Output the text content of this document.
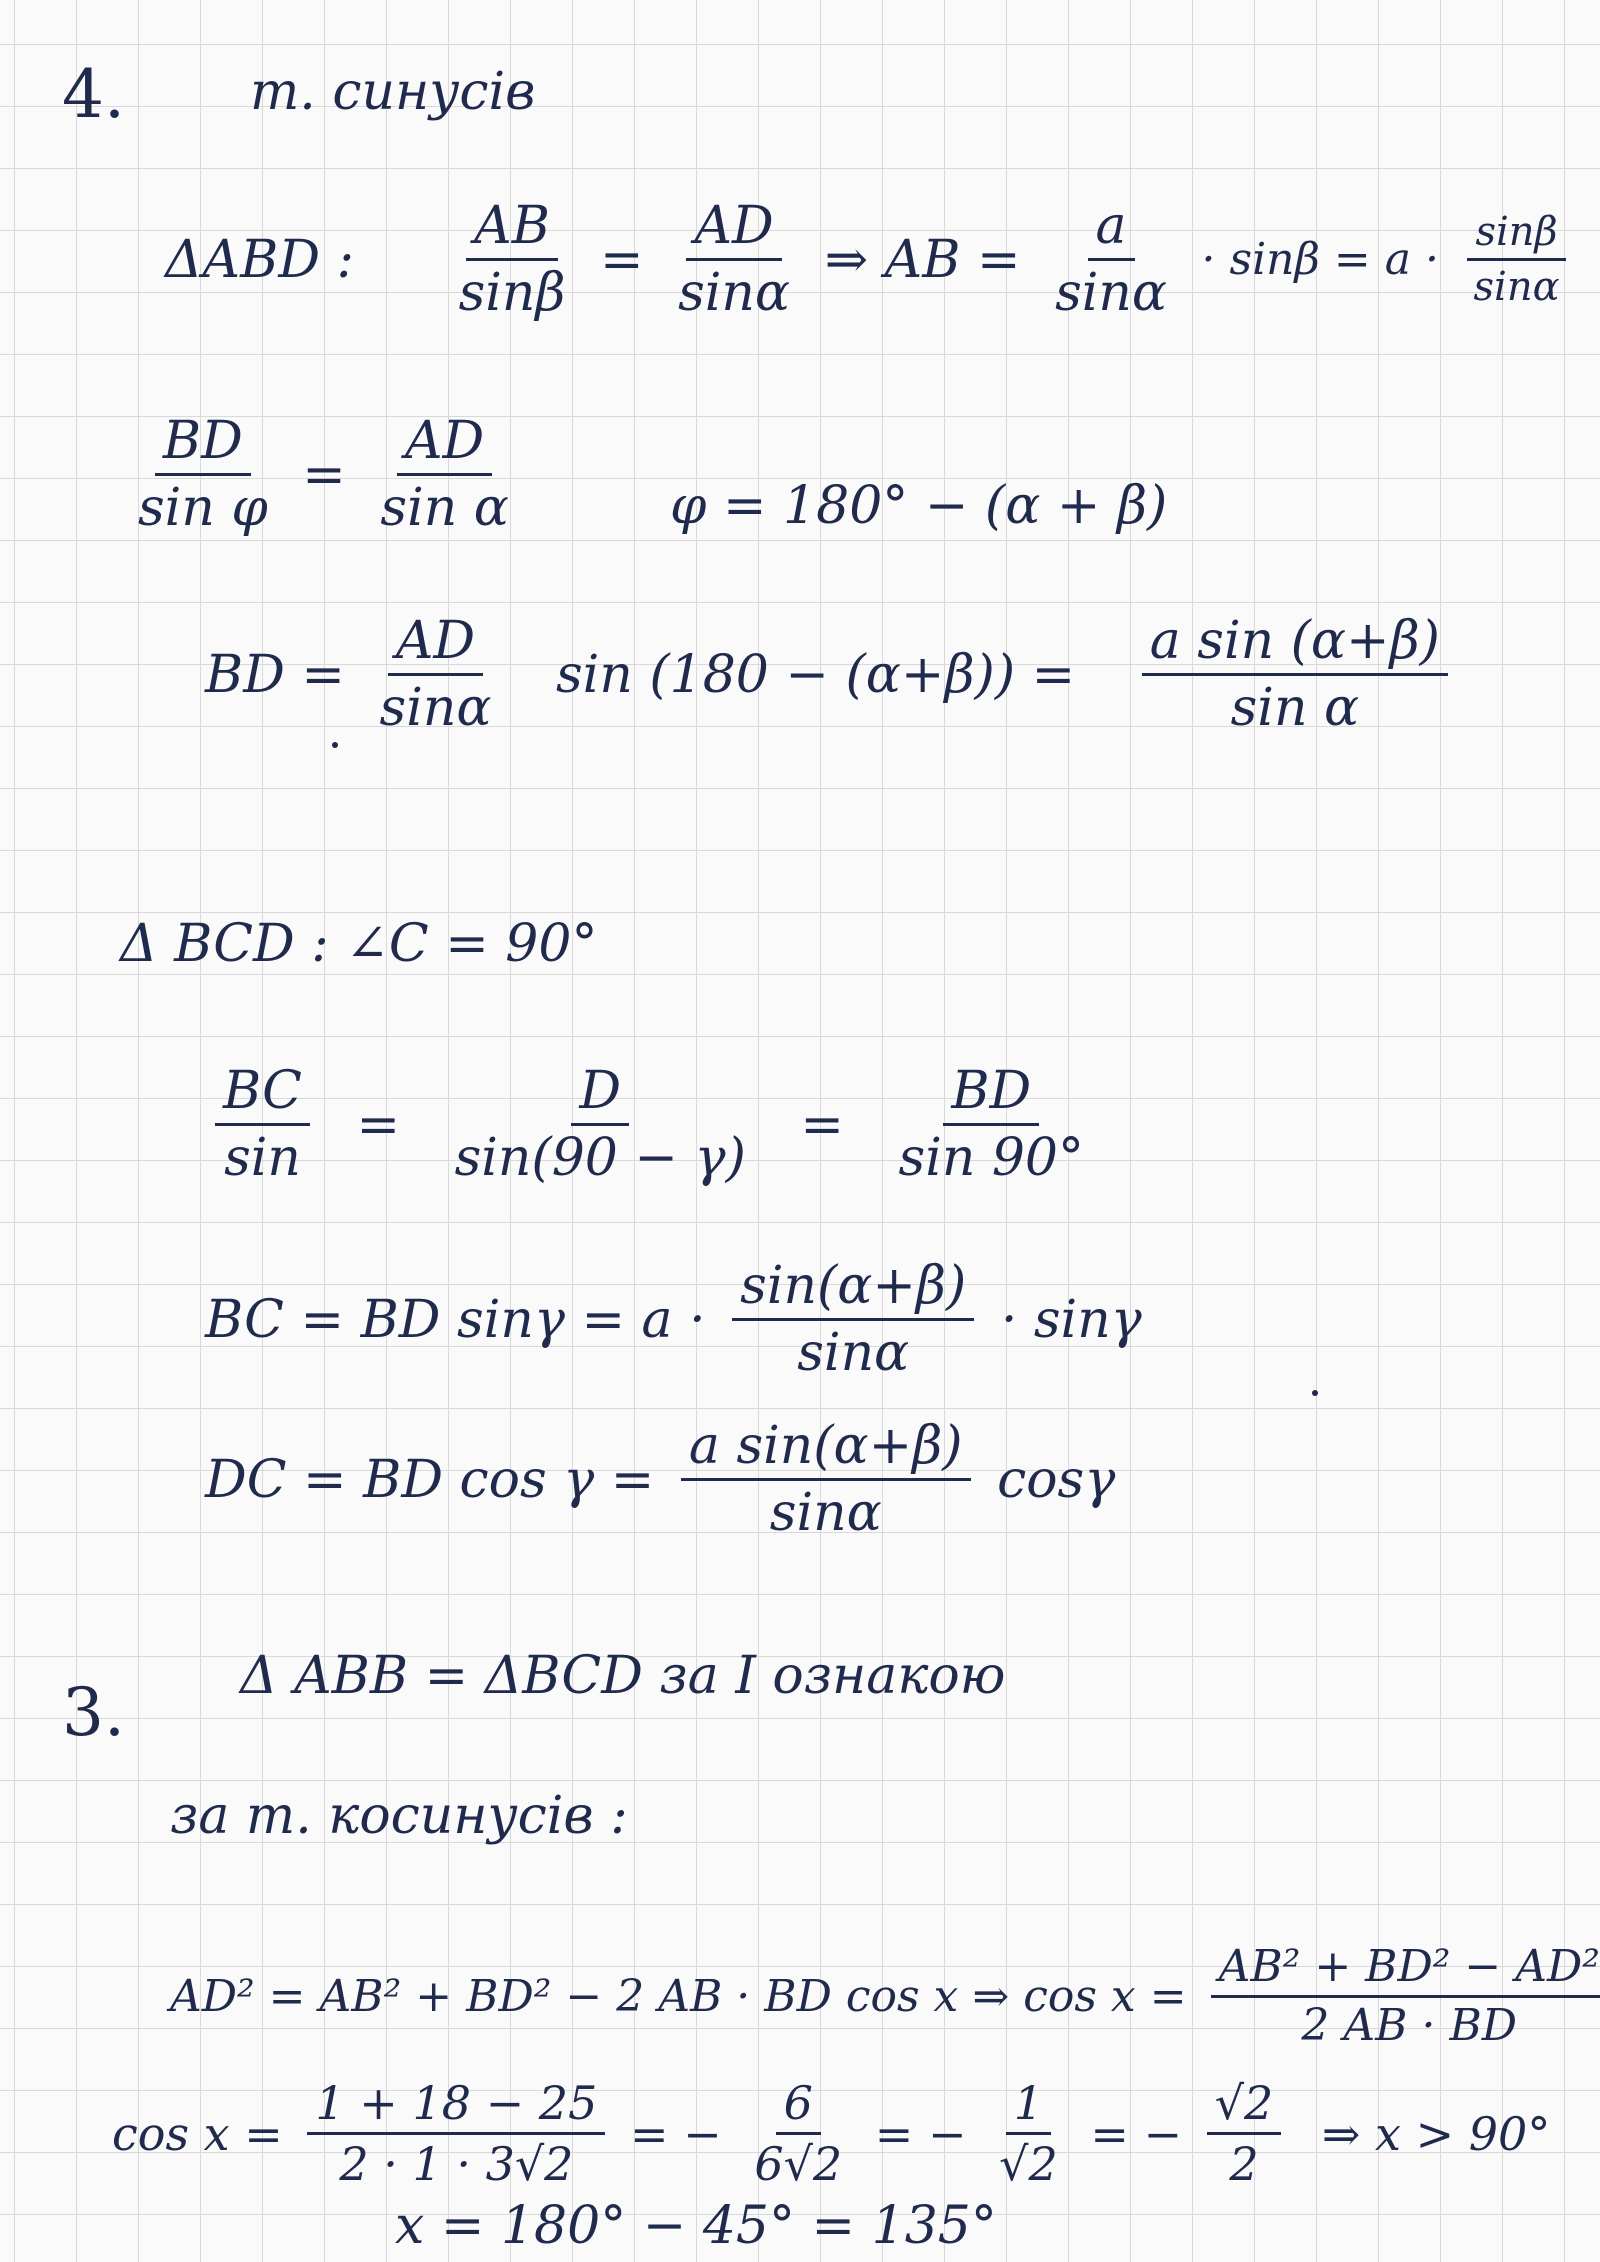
4. т. синусів
ΔABD : $\frac{AB}{\sin\beta} = \frac{AD}{\sin\alpha}$ ⇒ AB = $\frac{a}{\sin\alpha} \cdot \sin\beta = a \cdot \frac{\sin\beta}{\sin\alpha}$
$\frac{BD}{\text{sin φ}} = \frac{AD}{\text{sin α}}$	φ = 180° − (α + β)
BD = $\frac{AD}{\sin\alpha}$ $\sin (180 - (\alpha+\beta)) = \frac{\text{a sin (α+β)}}{\text{sin α}}$
Δ BCD : ∠C = 90°
$\frac{BC}{\sin} = \frac{D}{\sin(90 - \gamma)} = \frac{BD}{\sin 90^\circ}$
BC = BD $\sin\gamma = a \cdot \frac{\sin(\alpha+\beta)}{\sin\alpha} \cdot \sin\gamma$
DC = BD $\cos \gamma = \frac{\text{a sin(α+β)}}{\sin\alpha}$ cosγ
3. Δ ABB = ΔBCD за I ознакою
за т. косинусів :
AD² = AB² + BD² − 2 AB · BD cos x ⇒ $\cos x = \frac{\text{AB² + BD² − AD²}}{2 AB \cdot BD}$
$\cos x = \frac{1 + 18 - 25}{2 \cdot 1 \cdot 3√2}$ = − $\frac{6}{6√2}$ = − $\frac{1}{√2}$ = − $\frac{√2}{2}$ ⇒ x > 90°
x = 180° − 45° = 135°
